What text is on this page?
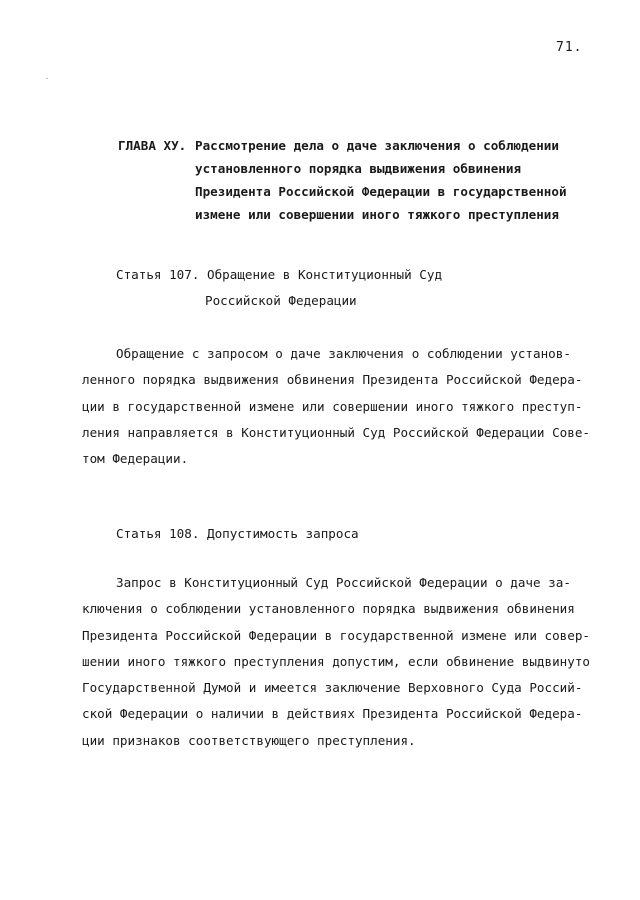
71.
ГЛАВА ХУ. Рассмотрение дела о даче заключения о соблюдении
установленного порядка выдвижения обвинения
Президента Российской Федерации в государственной
измене или совершении иного тяжкого преступления
Статья 107. Обращение в Конституционный Суд
Российской Федерации
Обращение с запросом о даче заключения о соблюдении установ-
ленного порядка выдвижения обвинения Президента Российской Федера-
ции в государственной измене или совершении иного тяжкого преступ-
ления направляется в Конституционный Суд Российской Федерации Сове-
том Федерации.
Статья 108. Допустимость запроса
Запрос в Конституционный Суд Российской Федерации о даче за-
ключения о соблюдении установленного порядка выдвижения обвинения
Президента Российской Федерации в государственной измене или совер-
шении иного тяжкого преступления допустим, если обвинение выдвинуто
Государственной Думой и имеется заключение Верховного Суда Россий-
ской Федерации о наличии в действиях Президента Российской Федера-
ции признаков соответствующего преступления.
